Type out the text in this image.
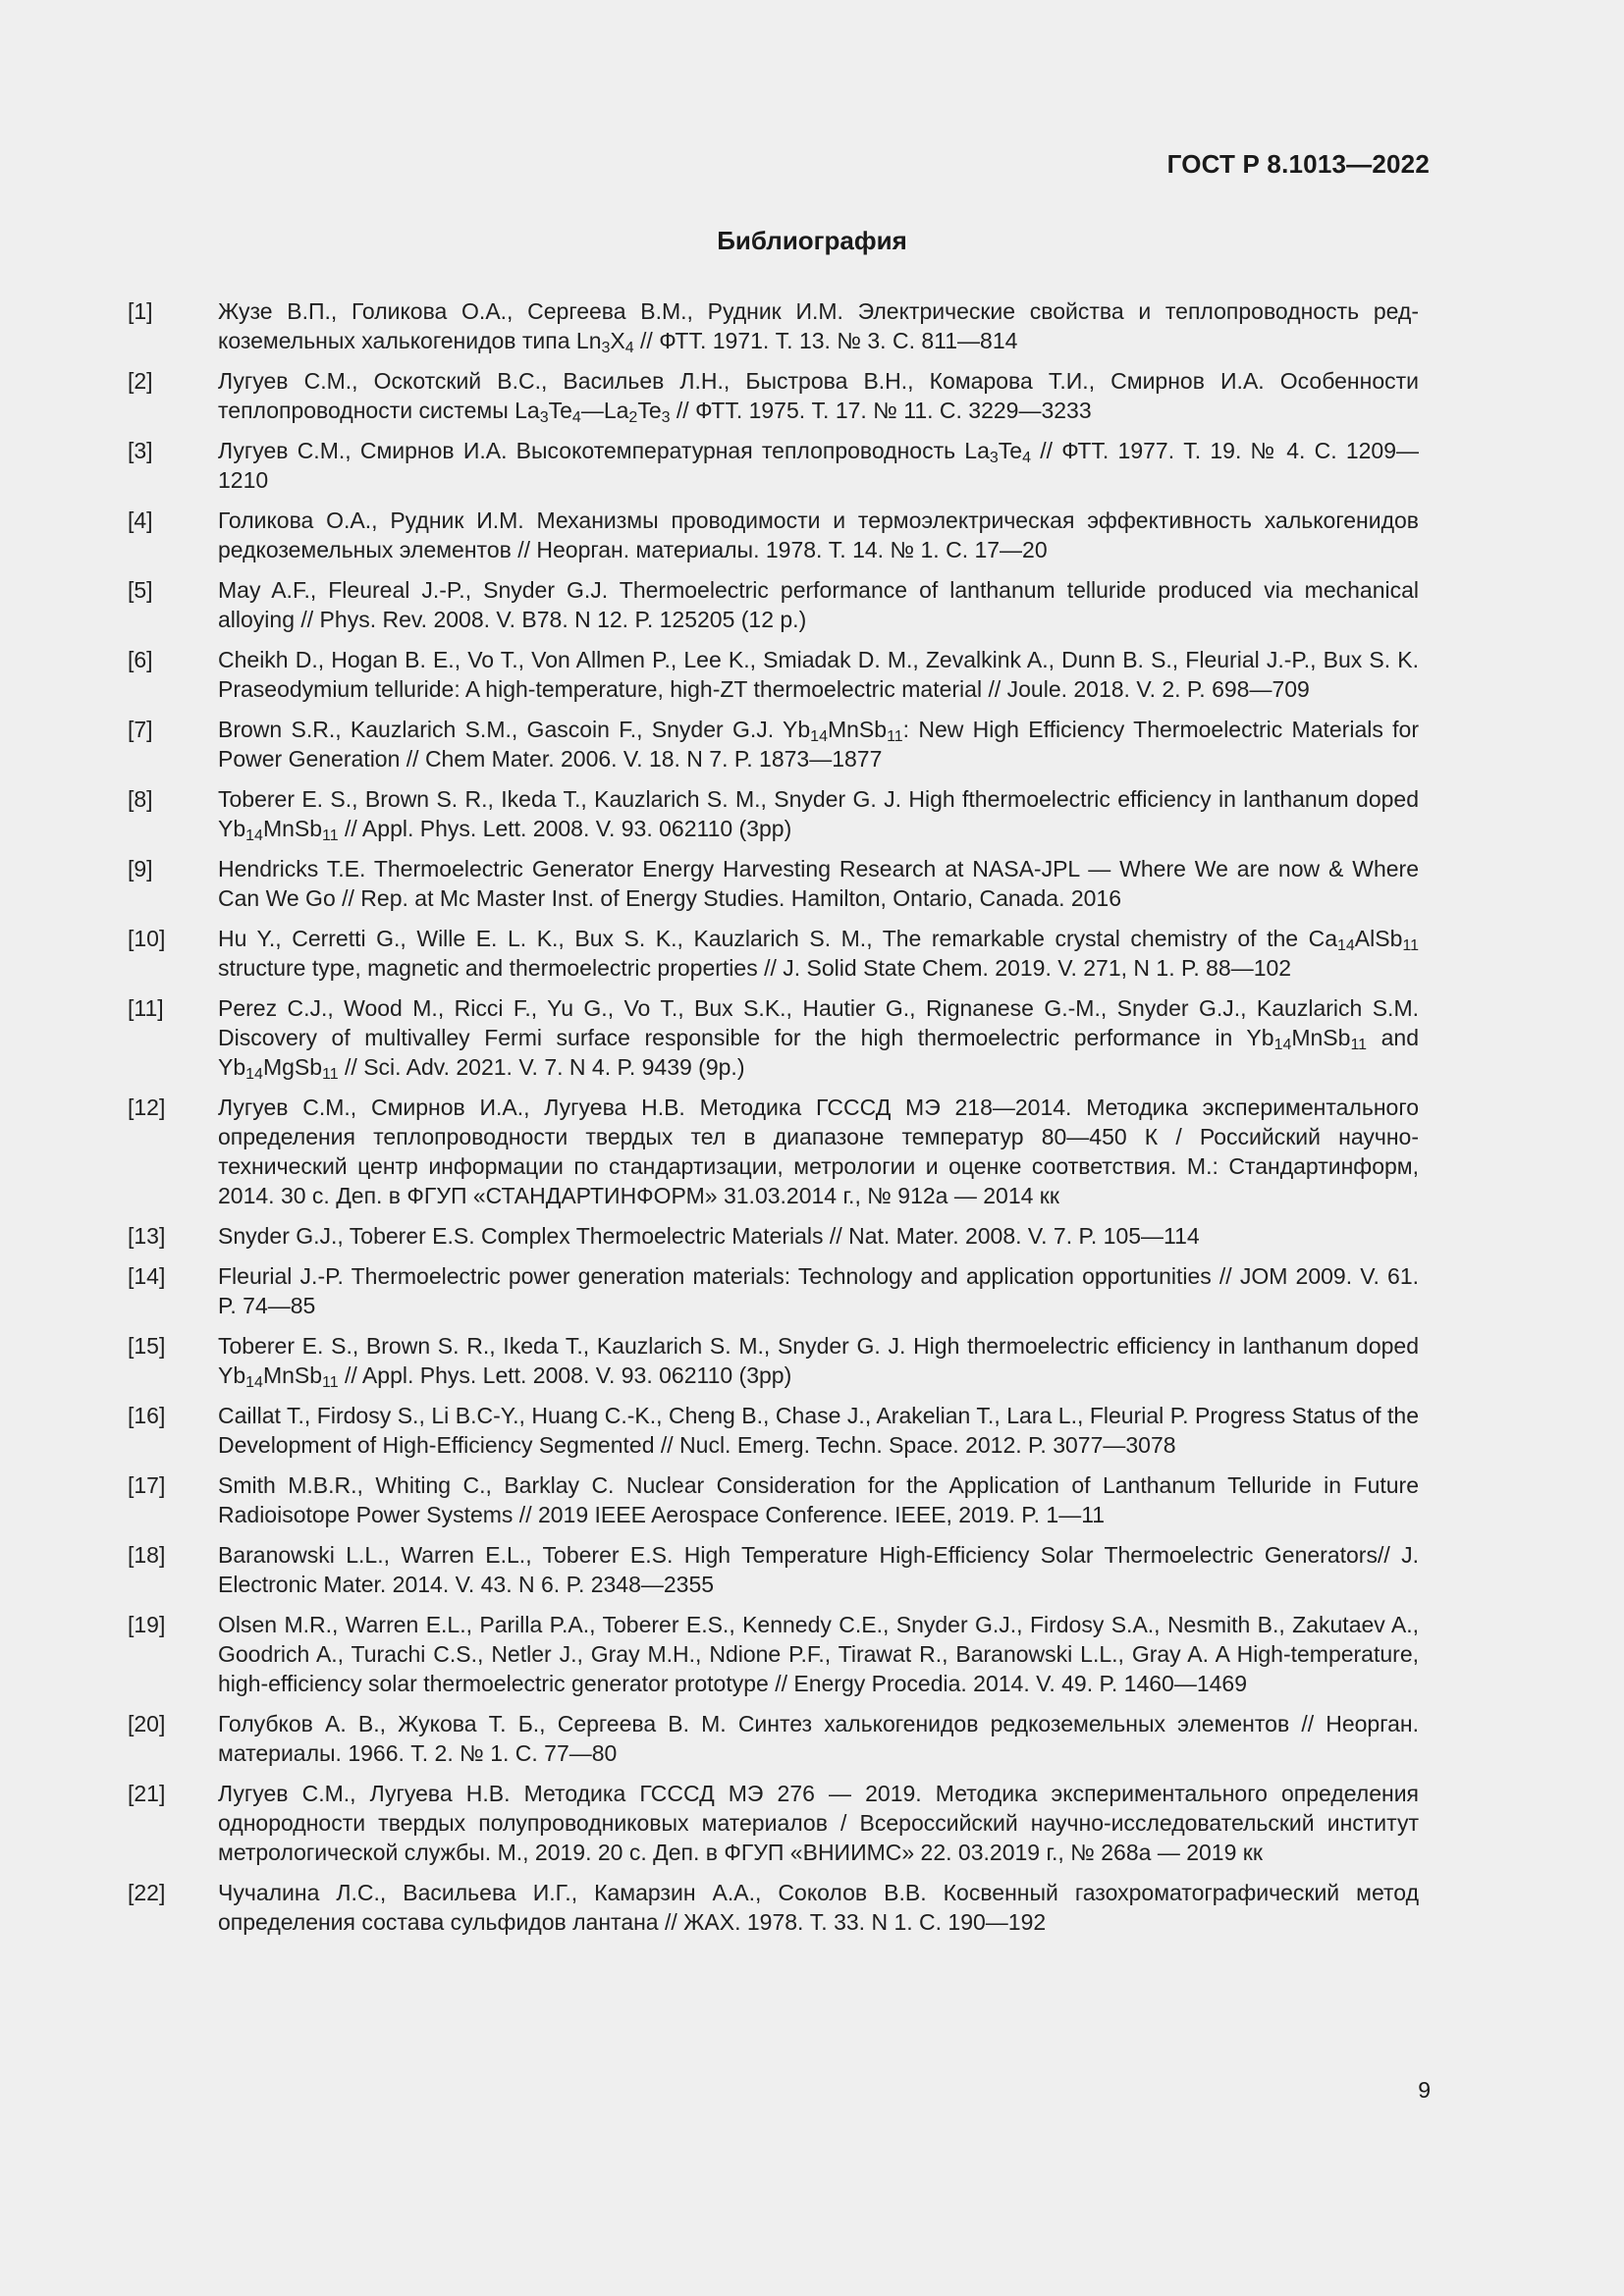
ГОСТ Р 8.1013—2022
Библиография
[1]	Жузе В.П., Голикова О.А., Сергеева В.М., Рудник И.М. Электрические свойства и теплопроводность редкоземельных халькогенидов типа $Ln_3X_4$ // ФТТ. 1971. Т. 13. № 3. С. 811—814
[2]	Лугуев С.М., Оскотский В.С., Васильев Л.Н., Быстрова В.Н., Комарова Т.И., Смирнов И.А. Особенности теплопроводности системы $La_3Te_4—La_2Te_3$ // ФТТ. 1975. Т. 17. № 11. С. 3229—3233
[3]	Лугуев С.М., Смирнов И.А. Высокотемпературная теплопроводность $La_3Te_4$ // ФТТ. 1977. Т. 19. № 4. С. 1209—1210
[4]	Голикова О.А., Рудник И.М. Механизмы проводимости и термоэлектрическая эффективность халькогенидов редкоземельных элементов // Неорган. материалы. 1978. Т. 14. № 1. С. 17—20
[5]	May A.F., Fleureal J.-P., Snyder G.J. Thermoelectric performance of lanthanum telluride produced via mechanical alloying // Phys. Rev. 2008. V. B78. N 12. P. 125205 (12 p.)
[6]	Cheikh D., Hogan B. E., Vo T., Von Allmen P., Lee K., Smiadak D. M., Zevalkink A., Dunn B. S., Fleurial J.-P., Bux S. K. Praseodymium telluride: A high-temperature, high-ZT thermoelectric material // Joule. 2018. V. 2. P. 698—709
[7]	Brown S.R., Kauzlarich S.M., Gascoin F., Snyder G.J. $Yb_{14}MnSb_{11}$: New High Efficiency Thermoelectric Materials for Power Generation // Chem Mater. 2006. V. 18. N 7. P. 1873—1877
[8]	Toberer E. S., Brown S. R., Ikeda T., Kauzlarich S. M., Snyder G. J. High fthermoelectric efficiency in lanthanum doped $Yb_{14}MnSb_{11}$ // Appl. Phys. Lett. 2008. V. 93. 062110 (3pp)
[9]	Hendricks T.E. Thermoelectric Generator Energy Harvesting Research at NASA-JPL — Where We are now & Where Can We Go // Rep. at Mc Master Inst. of Energy Studies. Hamilton, Ontario, Canada. 2016
[10]	Hu Y., Cerretti G., Wille E. L. K., Bux S. K., Kauzlarich S. M., The remarkable crystal chemistry of the $Ca_{14}AlSb_{11}$ structure type, magnetic and thermoelectric properties // J. Solid State Chem. 2019. V. 271, N 1. P. 88—102
[11]	Perez C.J., Wood M., Ricci F., Yu G., Vo T., Bux S.K., Hautier G., Rignanese G.-M., Snyder G.J., Kauzlarich S.M. Discovery of multivalley Fermi surface responsible for the high thermoelectric performance in $Yb_{14}MnSb_{11}$ and $Yb_{14}MgSb_{11}$ // Sci. Adv. 2021. V. 7. N 4. P. 9439 (9p.)
[12]	Лугуев С.М., Смирнов И.А., Лугуева Н.В. Методика ГСССД МЭ 218—2014. Методика экспериментального определения теплопроводности твердых тел в диапазоне температур 80—450 К / Российский научно-технический центр информации по стандартизации, метрологии и оценке соответствия. М.: Стандартинформ, 2014. 30 с. Деп. в ФГУП «СТАНДАРТИНФОРМ» 31.03.2014 г., № 912а — 2014 кк
[13]	Snyder G.J., Toberer E.S. Complex Thermoelectric Materials // Nat. Mater. 2008. V. 7. P. 105—114
[14]	Fleurial J.-P. Thermoelectric power generation materials: Technology and application opportunities // JOM 2009. V. 61. P. 74—85
[15]	Toberer E. S., Brown S. R., Ikeda T., Kauzlarich S. M., Snyder G. J. High thermoelectric efficiency in lanthanum doped $Yb_{14}MnSb_{11}$ // Appl. Phys. Lett. 2008. V. 93. 062110 (3pp)
[16]	Caillat T., Firdosy S., Li B.C-Y., Huang C.-K., Cheng B., Chase J., Arakelian T., Lara L., Fleurial P. Progress Status of the Development of High-Efficiency Segmented // Nucl. Emerg. Techn. Space. 2012. P. 3077—3078
[17]	Smith M.B.R., Whiting C., Barklay C. Nuclear Consideration for the Application of Lanthanum Telluride in Future Radioisotope Power Systems // 2019 IEEE Aerospace Conference. IEEE, 2019. P. 1—11
[18]	Baranowski L.L., Warren E.L., Toberer E.S. High Temperature High-Efficiency Solar Thermoelectric Generators// J. Electronic Mater. 2014. V. 43. N 6. P. 2348—2355
[19]	Olsen M.R., Warren E.L., Parilla P.A., Toberer E.S., Kennedy C.E., Snyder G.J., Firdosy S.A., Nesmith B., Zakutaev A., Goodrich A., Turachi C.S., Netler J., Gray M.H., Ndione P.F., Tirawat R., Baranowski L.L., Gray A. A High-temperature, high-efficiency solar thermoelectric generator prototype // Energy Procedia. 2014. V. 49. P. 1460—1469
[20]	Голубков А. В., Жукова Т. Б., Сергеева В. М. Синтез халькогенидов редкоземельных элементов // Неорган. материалы. 1966. Т. 2. № 1. С. 77—80
[21]	Лугуев С.М., Лугуева Н.В. Методика ГСССД МЭ 276 — 2019. Методика экспериментального определения однородности твердых полупроводниковых материалов / Всероссийский научно-исследовательский институт метрологической службы. М., 2019. 20 с. Деп. в ФГУП «ВНИИМС» 22. 03.2019 г., № 268а — 2019 кк
[22]	Чучалина Л.С., Васильева И.Г., Камарзин А.А., Соколов В.В. Косвенный газохроматографический метод определения состава сульфидов лантана // ЖАХ. 1978. Т. 33. N 1. С. 190—192
9
